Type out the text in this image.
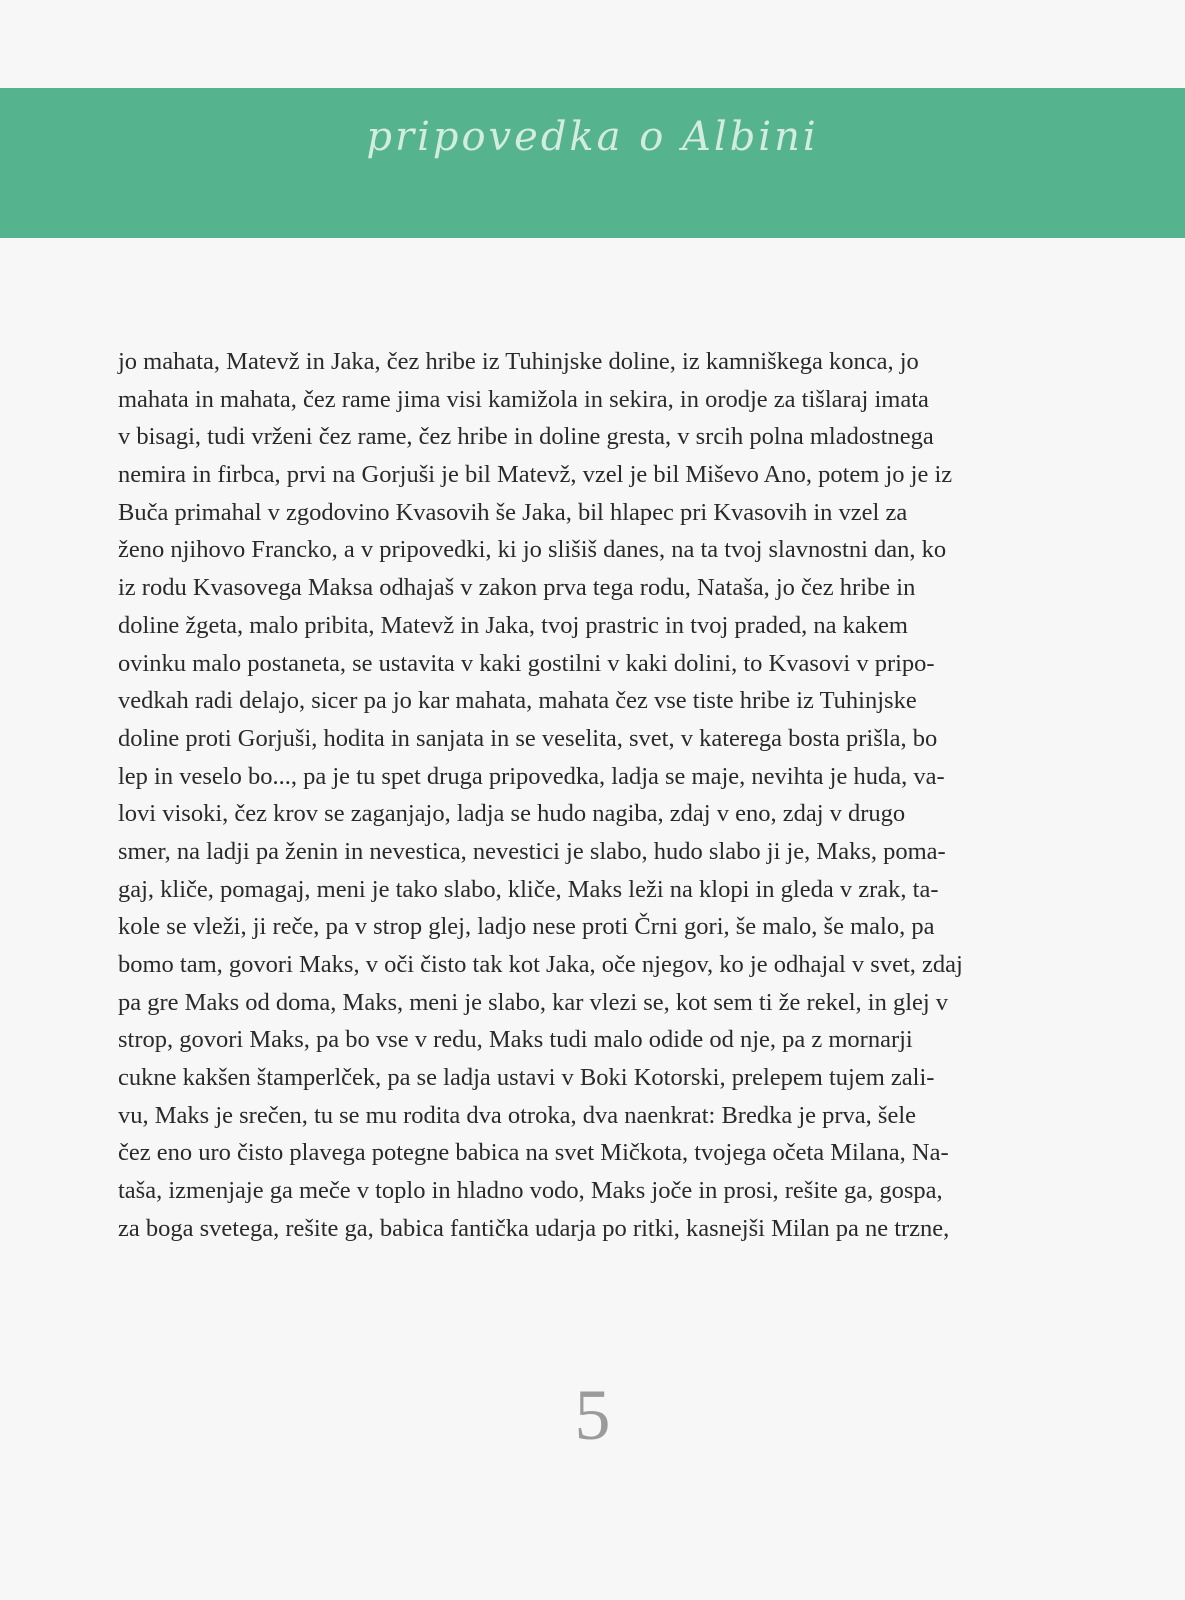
pripovedka o Albini
jo mahata, Matevž in Jaka, čez hribe iz Tuhinjske doline, iz kamniškega konca, jo
mahata in mahata, čez rame jima visi kamižola in sekira, in orodje za tišlaraj imata
v bisagi, tudi vrženi čez rame, čez hribe in doline gresta, v srcih polna mladostnega
nemira in firbca, prvi na Gorjuši je bil Matevž, vzel je bil Miševo Ano, potem jo je iz
Buča primahal v zgodovino Kvasovih še Jaka, bil hlapec pri Kvasovih in vzel za
ženo njihovo Francko, a v pripovedki, ki jo slišiš danes, na ta tvoj slavnostni dan, ko
iz rodu Kvasovega Maksa odhajaš v zakon prva tega rodu, Nataša, jo čez hribe in
doline žgeta, malo pribita, Matevž in Jaka, tvoj prastric in tvoj praded, na kakem
ovinku malo postaneta, se ustavita v kaki gostilni v kaki dolini, to Kvasovi v pripo-
vedkah radi delajo, sicer pa jo kar mahata, mahata čez vse tiste hribe iz Tuhinjske
doline proti Gorjuši, hodita in sanjata in se veselita, svet, v katerega bosta prišla, bo
lep in veselo bo..., pa je tu spet druga pripovedka, ladja se maje, nevihta je huda, va-
lovi visoki, čez krov se zaganjajo, ladja se hudo nagiba, zdaj v eno, zdaj v drugo
smer, na ladji pa ženin in nevestica, nevestici je slabo, hudo slabo ji je, Maks, poma-
gaj, kliče, pomagaj, meni je tako slabo, kliče, Maks leži na klopi in gleda v zrak, ta-
kole se vleži, ji reče, pa v strop glej, ladjo nese proti Črni gori, še malo, še malo, pa
bomo tam, govori Maks, v oči čisto tak kot Jaka, oče njegov, ko je odhajal v svet, zdaj
pa gre Maks od doma, Maks, meni je slabo, kar vlezi se, kot sem ti že rekel, in glej v
strop, govori Maks, pa bo vse v redu, Maks tudi malo odide od nje, pa z mornarji
cukne kakšen štamperlček, pa se ladja ustavi v Boki Kotorski, prelepem tujem zali-
vu, Maks je srečen, tu se mu rodita dva otroka, dva naenkrat: Bredka je prva, šele
čez eno uro čisto plavega potegne babica na svet Mičkota, tvojega očeta Milana, Na-
taša, izmenjaje ga meče v toplo in hladno vodo, Maks joče in prosi, rešite ga, gospa,
za boga svetega, rešite ga, babica fantička udarja po ritki, kasnejši Milan pa ne trzne,
5
